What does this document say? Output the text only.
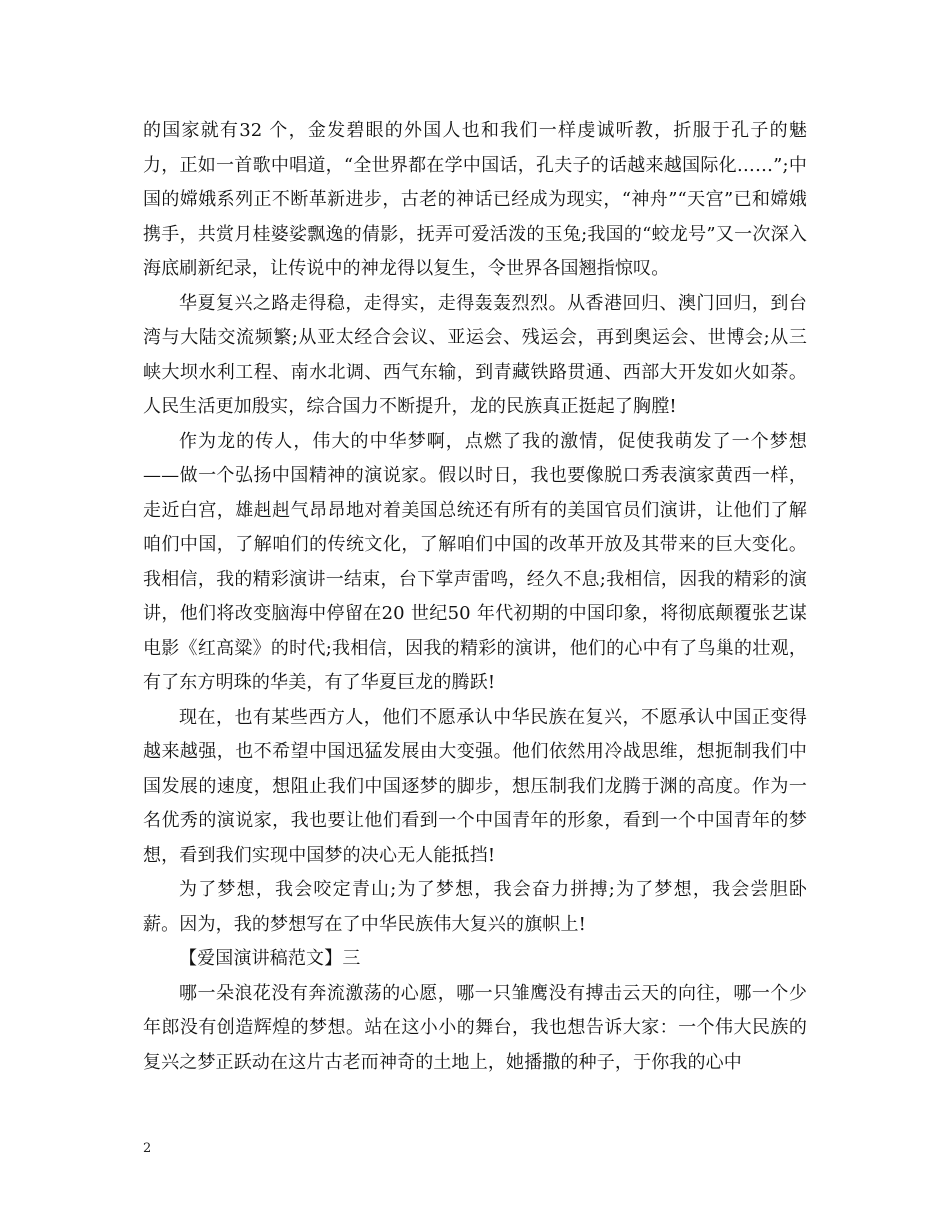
的国家就有32 个，金发碧眼的外国人也和我们一样虔诚听教，折服于孔子的魅力，正如一首歌中唱道，“全世界都在学中国话，孔夫子的话越来越国际化……”;中国的嫦娥系列正不断革新进步，古老的神话已经成为现实，“神舟”“天宫”已和嫦娥携手，共赏月桂婆娑飘逸的倩影，抚弄可爱活泼的玉兔;我国的“蛟龙号”又一次深入海底刷新纪录，让传说中的神龙得以复生，令世界各国翘指惊叹。

华夏复兴之路走得稳，走得实，走得轰轰烈烈。从香港回归、澳门回归，到台湾与大陆交流频繁;从亚太经合会议、亚运会、残运会，再到奥运会、世博会;从三峡大坝水利工程、南水北调、西气东输，到青藏铁路贯通、西部大开发如火如荼。人民生活更加殷实，综合国力不断提升，龙的民族真正挺起了胸膛!

作为龙的传人，伟大的中华梦啊，点燃了我的激情，促使我萌发了一个梦想——做一个弘扬中国精神的演说家。假以时日，我也要像脱口秀表演家黄西一样，走近白宫，雄赳赳气昂昂地对着美国总统还有所有的美国官员们演讲，让他们了解咱们中国，了解咱们的传统文化，了解咱们中国的改革开放及其带来的巨大变化。我相信，我的精彩演讲一结束，台下掌声雷鸣，经久不息;我相信，因我的精彩的演讲，他们将改变脑海中停留在20 世纪50 年代初期的中国印象，将彻底颠覆张艺谋电影《红高粱》的时代;我相信，因我的精彩的演讲，他们的心中有了鸟巢的壮观，有了东方明珠的华美，有了华夏巨龙的腾跃!

现在，也有某些西方人，他们不愿承认中华民族在复兴，不愿承认中国正变得越来越强，也不希望中国迅猛发展由大变强。他们依然用冷战思维，想扼制我们中国发展的速度，想阻止我们中国逐梦的脚步，想压制我们龙腾于渊的高度。作为一名优秀的演说家，我也要让他们看到一个中国青年的形象，看到一个中国青年的梦想，看到我们实现中国梦的决心无人能抵挡!

为了梦想，我会咬定青山;为了梦想，我会奋力拼搏;为了梦想，我会尝胆卧薪。因为，我的梦想写在了中华民族伟大复兴的旗帜上!

【爱国演讲稿范文】三

哪一朵浪花没有奔流激荡的心愿，哪一只雏鹰没有搏击云天的向往，哪一个少年郎没有创造辉煌的梦想。站在这小小的舞台，我也想告诉大家：一个伟大民族的复兴之梦正跃动在这片古老而神奇的土地上，她播撒的种子，于你我的心中

2
